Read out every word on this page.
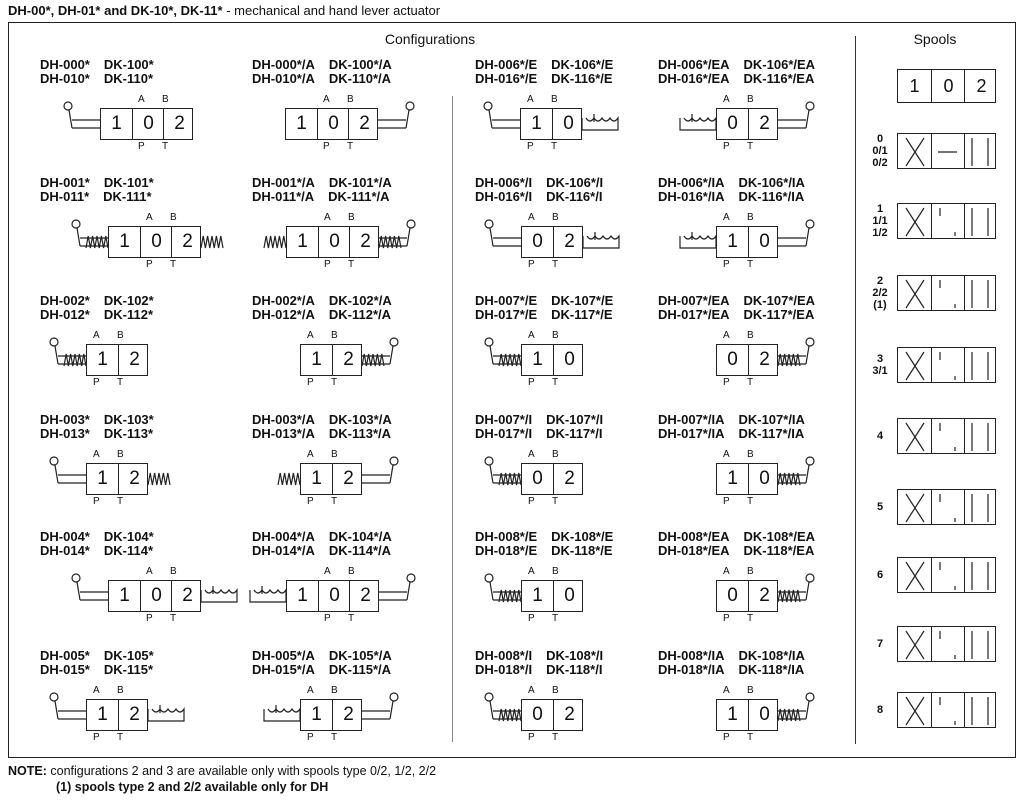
DH-00*, DH-01* and DK-10*, DK-11* - mechanical and hand lever actuator
Configurations	Spools
DH-000* DK-100*
DH-010* DK-110*
1	0	2
A B
P T
DH-000*/A DK-100*/A
DH-010*/A DK-110*/A
1	0	2
A B
P T
DH-006*/E DK-106*/E
DH-016*/E DK-116*/E
1	0
A B
P T
DH-006*/EA DK-106*/EA
DH-016*/EA DK-116*/EA
0	2
A B
P T
DH-001* DK-101*
DH-011* DK-111*
1	0	2
A B
P T
DH-001*/A DK-101*/A
DH-011*/A DK-111*/A
1	0	2
A B
P T
DH-006*/I DK-106*/I
DH-016*/I DK-116*/I
0	2
A B
P T
DH-006*/IA DK-106*/IA
DH-016*/IA DK-116*/IA
1	0
A B
P T
DH-002* DK-102*
DH-012* DK-112*
1	2
A B
P T
DH-002*/A DK-102*/A
DH-012*/A DK-112*/A
1	2
A B
P T
DH-007*/E DK-107*/E
DH-017*/E DK-117*/E
1	0
A B
P T
DH-007*/EA DK-107*/EA
DH-017*/EA DK-117*/EA
0	2
A B
P T
DH-003* DK-103*
DH-013* DK-113*
1	2
A B
P T
DH-003*/A DK-103*/A
DH-013*/A DK-113*/A
1	2
A B
P T
DH-007*/I DK-107*/I
DH-017*/I DK-117*/I
0	2
A B
P T
DH-007*/IA DK-107*/IA
DH-017*/IA DK-117*/IA
1	0
A B
P T
DH-004* DK-104*
DH-014* DK-114*
1	0	2
A B
P T
DH-004*/A DK-104*/A
DH-014*/A DK-114*/A
1	0	2
A B
P T
DH-008*/E DK-108*/E
DH-018*/E DK-118*/E
1	0
A B
P T
DH-008*/EA DK-108*/EA
DH-018*/EA DK-118*/EA
0	2
A B
P T
DH-005* DK-105*
DH-015* DK-115*
1	2
A B
P T
DH-005*/A DK-105*/A
DH-015*/A DK-115*/A
1	2
A B
P T
DH-008*/I DK-108*/I
DH-018*/I DK-118*/I
0	2
A B
P T
DH-008*/IA DK-108*/IA
DH-018*/IA DK-118*/IA
1	0
A B
P T
1	0	2
0
0/1
0/2
1
1/1
1/2
2
2/2
(1)
3
3/1
4
5
6
7
8
NOTE: configurations 2 and 3 are available only with spools type 0/2, 1/2, 2/2
(1) spools type 2 and 2/2 available only for DH
